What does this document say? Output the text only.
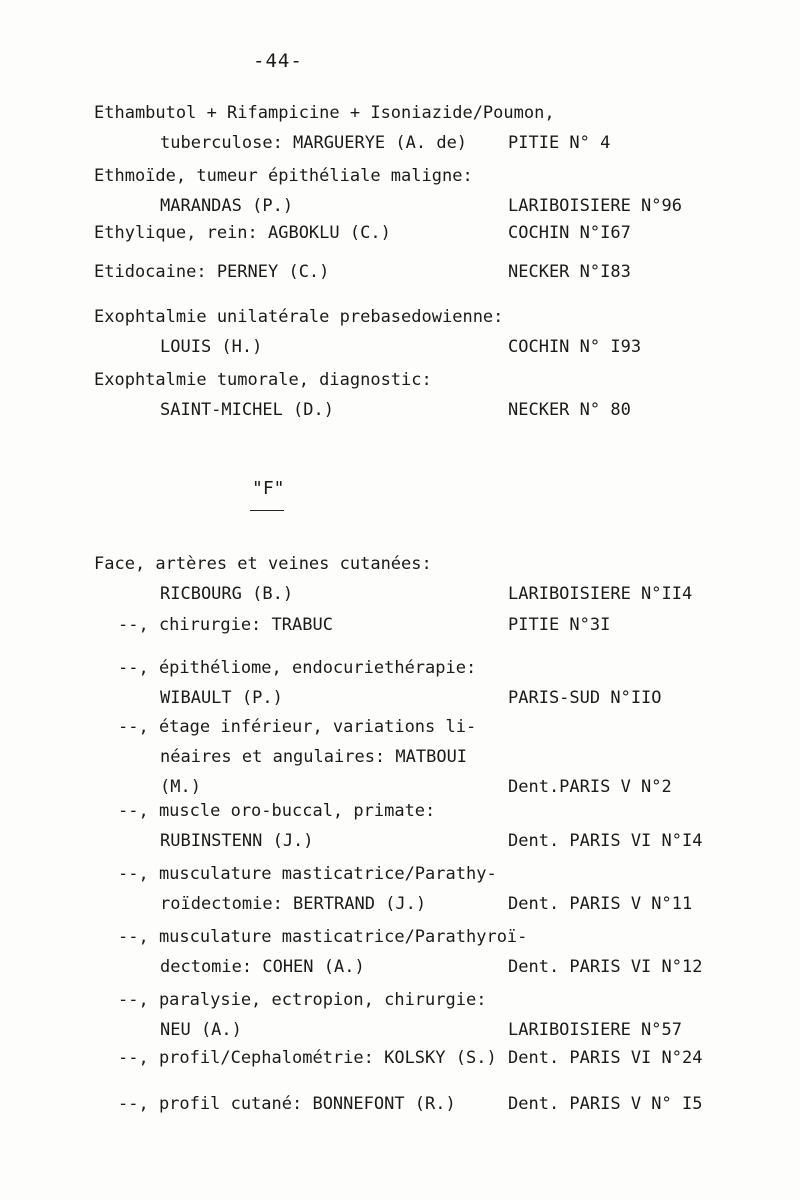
-44-
Ethambutol + Rifampicine + Isoniazide/Poumon,
tuberculose: MARGUERYE (A. de) PITIE N° 4
Ethmoïde, tumeur épithéliale maligne:
MARANDAS (P.)	LARIBOISIERE N°96
Ethylique, rein: AGBOKLU (C.)	COCHIN N°I67
Etidocaine: PERNEY (C.)	NECKER N°I83
Exophtalmie unilatérale prebasedowienne:
LOUIS (H.)	COCHIN N° I93
Exophtalmie tumorale, diagnostic:
SAINT-MICHEL (D.)	NECKER N° 80
Face, artères et veines cutanées:
RICBOURG (B.)	LARIBOISIERE N°II4
--, chirurgie: TRABUC	PITIE N°3I
--, épithéliome, endocuriethérapie:
WIBAULT (P.)	PARIS-SUD N°IIO
--, étage inférieur, variations li-
néaires et angulaires: MATBOUI
(M.)	Dent.PARIS V N°2
--, muscle oro-buccal, primate:
RUBINSTENN (J.)	Dent. PARIS VI N°I4
--, musculature masticatrice/Parathy-
roïdectomie: BERTRAND (J.)	Dent. PARIS V N°11
--, musculature masticatrice/Parathyroï-
dectomie: COHEN (A.)	Dent. PARIS VI N°12
--, paralysie, ectropion, chirurgie:
NEU (A.)	LARIBOISIERE N°57
--, profil/Cephalométrie: KOLSKY (S.) Dent. PARIS VI N°24
--, profil cutané: BONNEFONT (R.)	Dent. PARIS V N° I5
"F"
